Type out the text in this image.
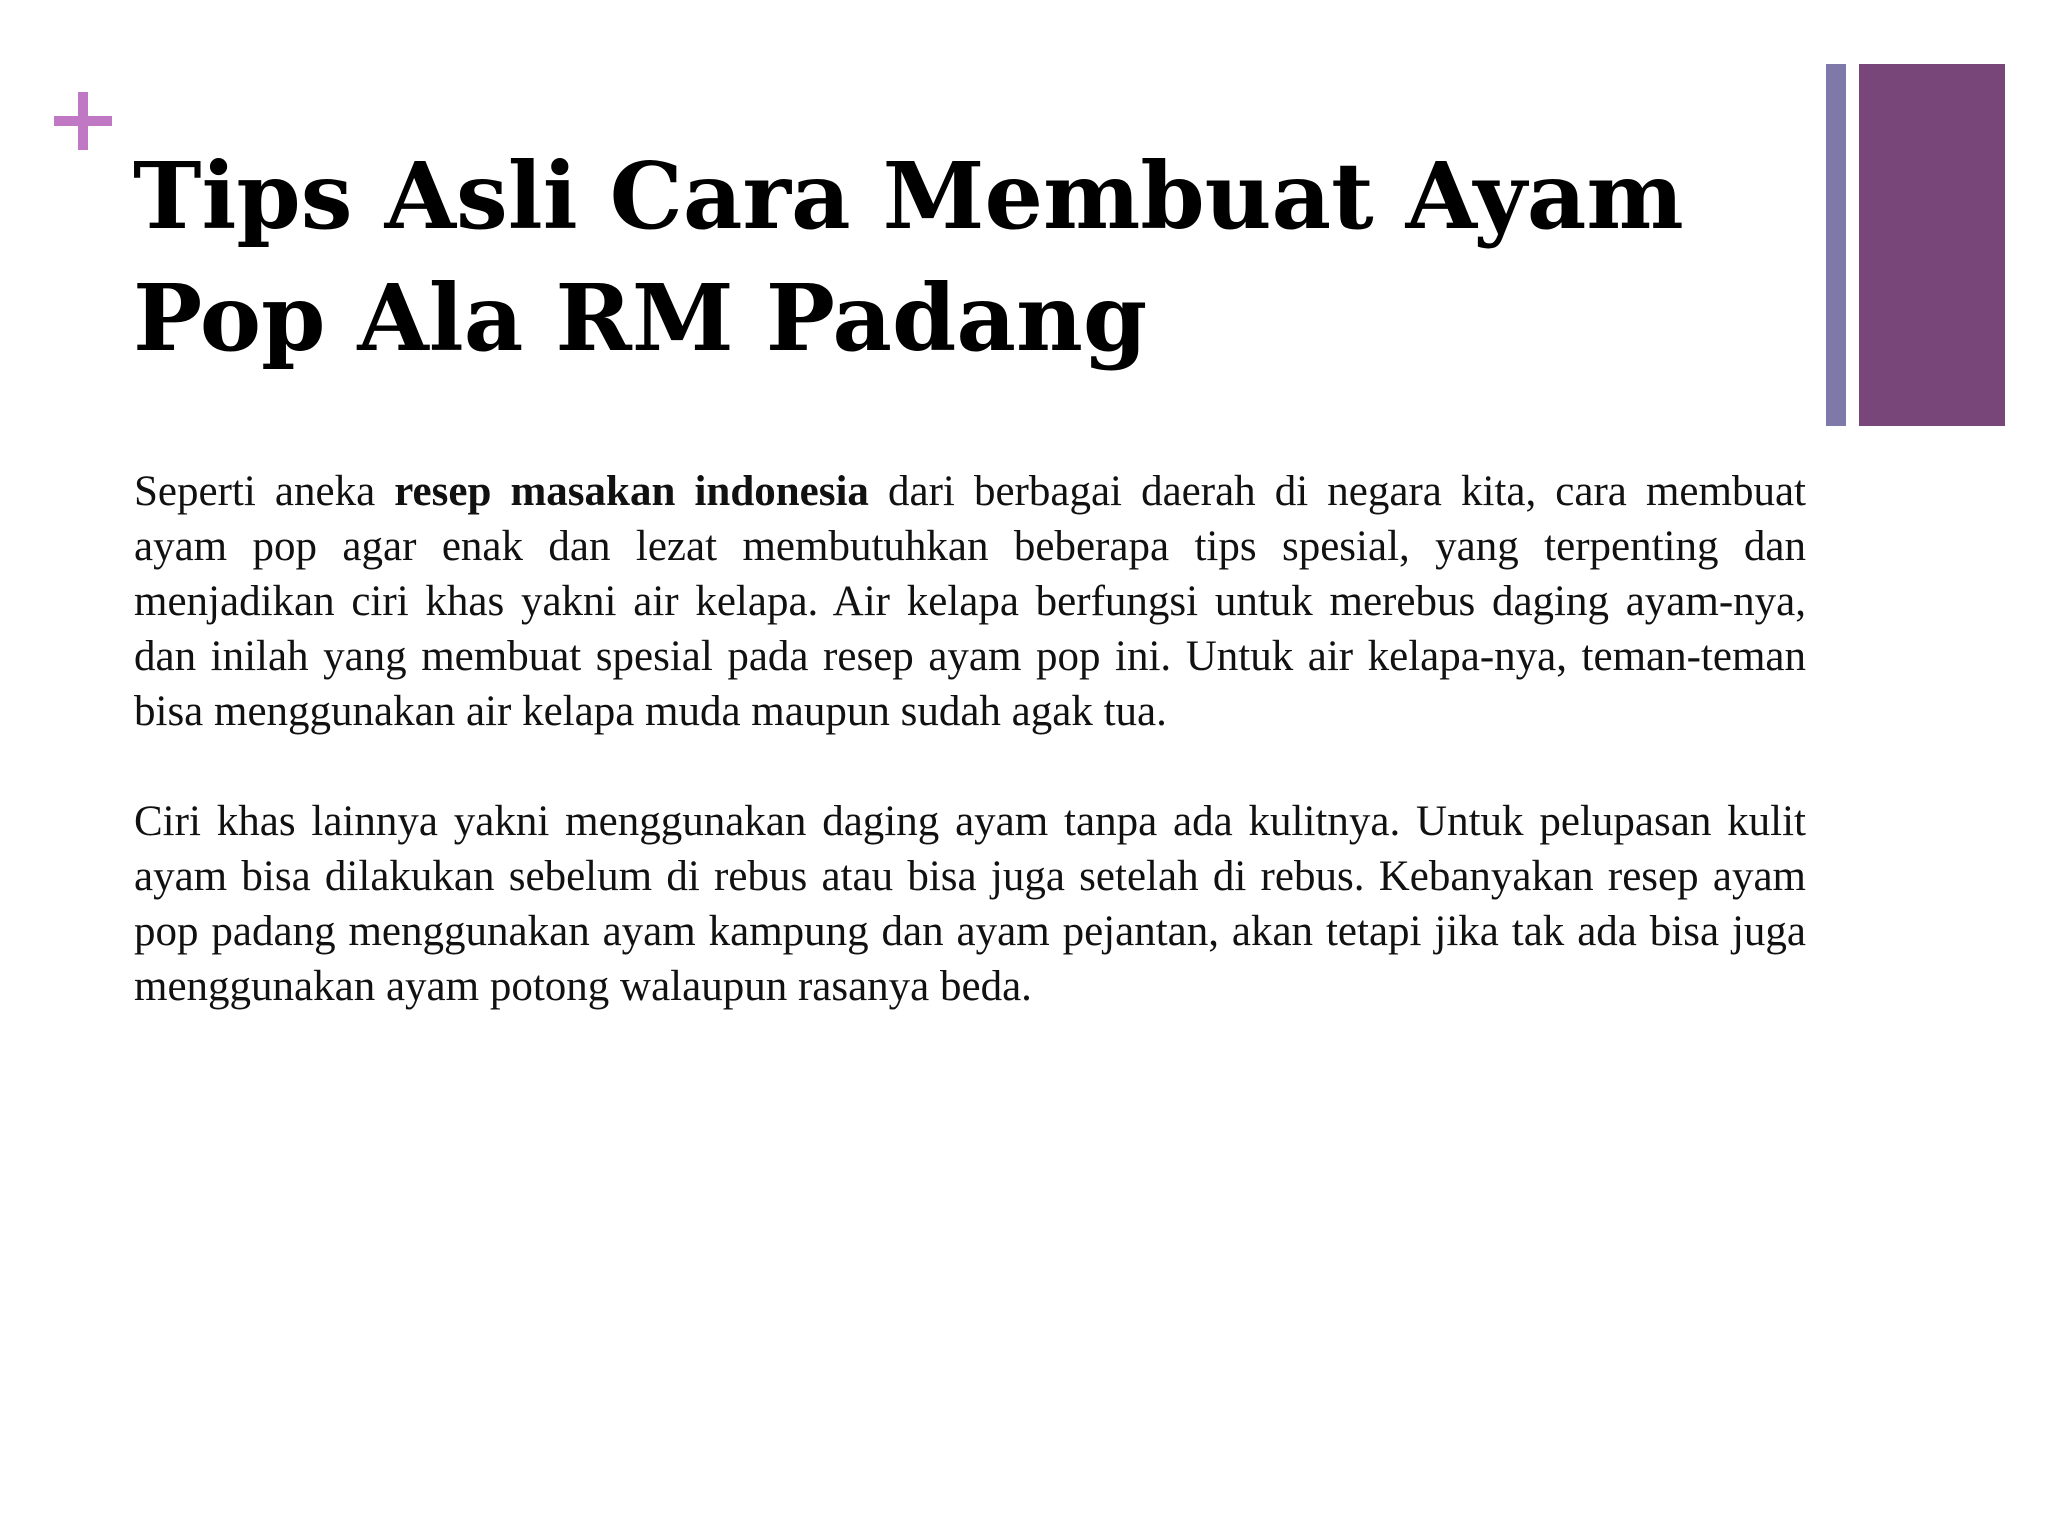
Tips Asli Cara Membuat Ayam Pop Ala RM Padang

Seperti aneka resep masakan indonesia dari berbagai daerah di negara kita, cara membuat ayam pop agar enak dan lezat membutuhkan beberapa tips spesial, yang terpenting dan menjadikan ciri khas yakni air kelapa. Air kelapa berfungsi untuk merebus daging ayam-nya, dan inilah yang membuat spesial pada resep ayam pop ini. Untuk air kelapa-nya, teman-teman bisa menggunakan air kelapa muda maupun sudah agak tua.

Ciri khas lainnya yakni menggunakan daging ayam tanpa ada kulitnya. Untuk pelupasan kulit ayam bisa dilakukan sebelum di rebus atau bisa juga setelah di rebus. Kebanyakan resep ayam pop padang menggunakan ayam kampung dan ayam pejantan, akan tetapi jika tak ada bisa juga menggunakan ayam potong walaupun rasanya beda.
